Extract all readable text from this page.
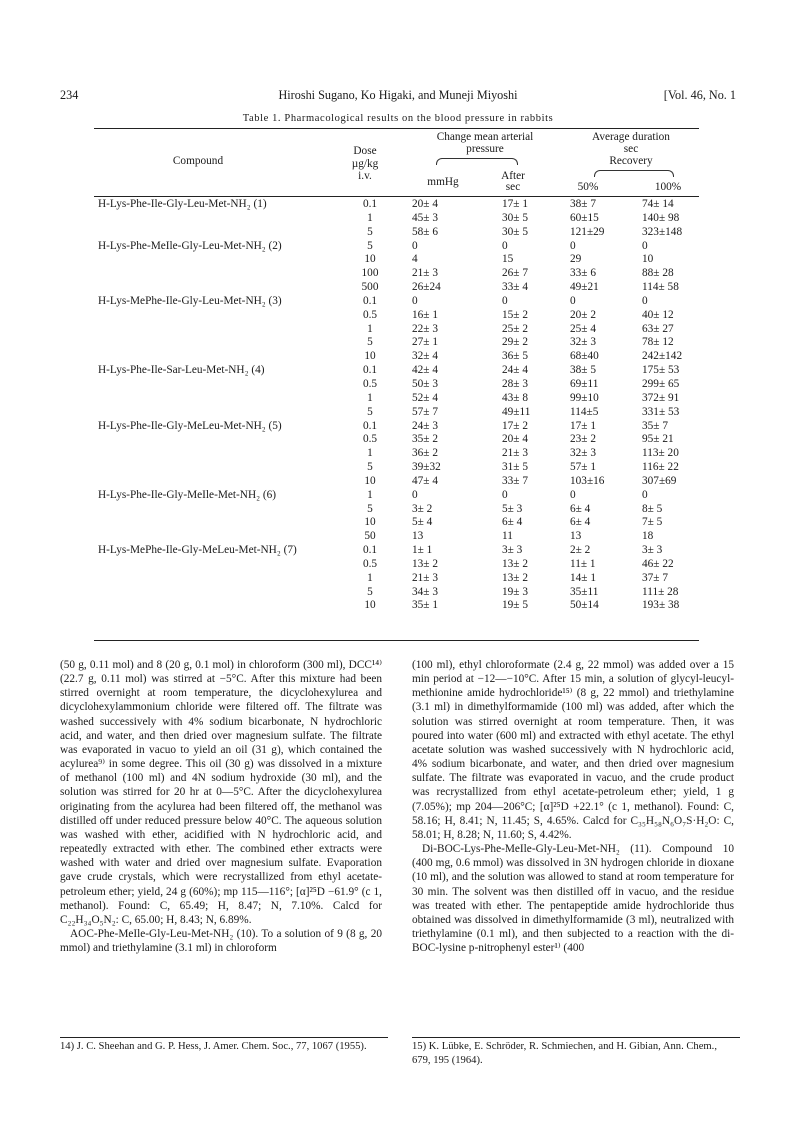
234	Hiroshi Sugano, Ko Higaki, and Muneji Miyoshi	[Vol. 46, No. 1
Table 1. Pharmacological results on the blood pressure in rabbits
Compound
Dose
µg/kg
i.v.
Change mean arterial
pressure
mmHg	After
sec
Average duration
sec
Recovery
50%	100%
H-Lys-Phe-Ile-Gly-Leu-Met-NH₂ (1)	0.1	20± 4	17± 1	38± 7	74± 14
1	45± 3	30± 5	60±15	140± 98
5	58± 6	30± 5	121±29	323±148
H-Lys-Phe-MeIle-Gly-Leu-Met-NH₂ (2)	5	0	0	0	0
10	4	15	29	10
100	21± 3	26± 7	33± 6	88± 28
500	26±24	33± 4	49±21	114± 58
H-Lys-MePhe-Ile-Gly-Leu-Met-NH₂ (3)	0.1	0	0	0	0
0.5	16± 1	15± 2	20± 2	40± 12
1	22± 3	25± 2	25± 4	63± 27
5	27± 1	29± 2	32± 3	78± 12
10	32± 4	36± 5	68±40	242±142
H-Lys-Phe-Ile-Sar-Leu-Met-NH₂ (4)	0.1	42± 4	24± 4	38± 5	175± 53
0.5	50± 3	28± 3	69±11	299± 65
1	52± 4	43± 8	99±10	372± 91
5	57± 7	49±11	114±5	331± 53
H-Lys-Phe-Ile-Gly-MeLeu-Met-NH₂ (5)	0.1	24± 3	17± 2	17± 1	35± 7
0.5	35± 2	20± 4	23± 2	95± 21
1	36± 2	21± 3	32± 3	113± 20
5	39±32	31± 5	57± 1	116± 22
10	47± 4	33± 7	103±16	307±69
H-Lys-Phe-Ile-Gly-MeIle-Met-NH₂ (6)	1	0	0	0	0
5	3± 2	5± 3	6± 4	8± 5
10	5± 4	6± 4	6± 4	7± 5
50	13	11	13	18
H-Lys-MePhe-Ile-Gly-MeLeu-Met-NH₂ (7)	0.1	1± 1	3± 3	2± 2	3± 3
0.5	13± 2	13± 2	11± 1	46± 22
1	21± 3	13± 2	14± 1	37± 7
5	34± 3	19± 3	35±11	111± 28
10	35± 1	19± 5	50±14	193± 38

(50 g, 0.11 mol) and 8 (20 g, 0.1 mol) in chloroform (300 ml), DCC¹⁴⁾ (22.7 g, 0.11 mol) was stirred at −5°C. After this mixture had been stirred overnight at room temperature, the dicyclohexylurea and dicyclohexylammonium chloride were filtered off. The filtrate was washed successively with 4% sodium bicarbonate, N hydrochloric acid, and water, and then dried over magnesium sulfate. The filtrate was evaporated in vacuo to yield an oil (31 g), which contained the acylurea⁹⁾ in some degree. This oil (30 g) was dissolved in a mixture of methanol (100 ml) and 4N sodium hydroxide (30 ml), and the solution was stirred for 20 hr at 0—5°C. After the dicyclohexylurea originating from the acylurea had been filtered off, the methanol was distilled off under reduced pressure below 40°C. The aqueous solution was washed with ether, acidified with N hydrochloric acid, and repeatedly extracted with ether. The combined ether extracts were washed with water and dried over magnesium sulfate. Evaporation gave crude crystals, which were recrystallized from ethyl acetate-petroleum ether; yield, 24 g (60%); mp 115—116°; [α]²⁵D −61.9° (c 1, methanol). Found: C, 65.49; H, 8.47; N, 7.10%. Calcd for C₂₂H₃₄O₅N₂: C, 65.00; H, 8.43; N, 6.89%.

AOC-Phe-MeIle-Gly-Leu-Met-NH₂ (10). To a solution of 9 (8 g, 20 mmol) and triethylamine (3.1 ml) in chloroform

(100 ml), ethyl chloroformate (2.4 g, 22 mmol) was added over a 15 min period at −12—−10°C. After 15 min, a solution of glycyl-leucyl-methionine amide hydrochloride¹⁵⁾ (8 g, 22 mmol) and triethylamine (3.1 ml) in dimethylformamide (100 ml) was added, after which the solution was stirred overnight at room temperature. Then, it was poured into water (600 ml) and extracted with ethyl acetate. The ethyl acetate solution was washed successively with N hydrochloric acid, 4% sodium bicarbonate, and water, and then dried over magnesium sulfate. The filtrate was evaporated in vacuo, and the crude product was recrystallized from ethyl acetate-petroleum ether; yield, 1 g (7.05%); mp 204—206°C; [α]²⁵D +22.1° (c 1, methanol). Found: C, 58.16; H, 8.41; N, 11.45; S, 4.65%. Calcd for C₃₅H₅₈N₆O₇S·H₂O: C, 58.01; H, 8.28; N, 11.60; S, 4.42%.

Di-BOC-Lys-Phe-MeIle-Gly-Leu-Met-NH₂ (11). Compound 10 (400 mg, 0.6 mmol) was dissolved in 3N hydrogen chloride in dioxane (10 ml), and the solution was allowed to stand at room temperature for 30 min. The solvent was then distilled off in vacuo, and the residue was treated with ether. The pentapeptide amide hydrochloride thus obtained was dissolved in dimethylformamide (3 ml), neutralized with triethylamine (0.1 ml), and then subjected to a reaction with the di-BOC-lysine p-nitrophenyl ester¹⁾ (400

14) J. C. Sheehan and G. P. Hess, J. Amer. Chem. Soc., 77, 1067 (1955).	15) K. Lübke, E. Schröder, R. Schmiechen, and H. Gibian, Ann. Chem., 679, 195 (1964).
